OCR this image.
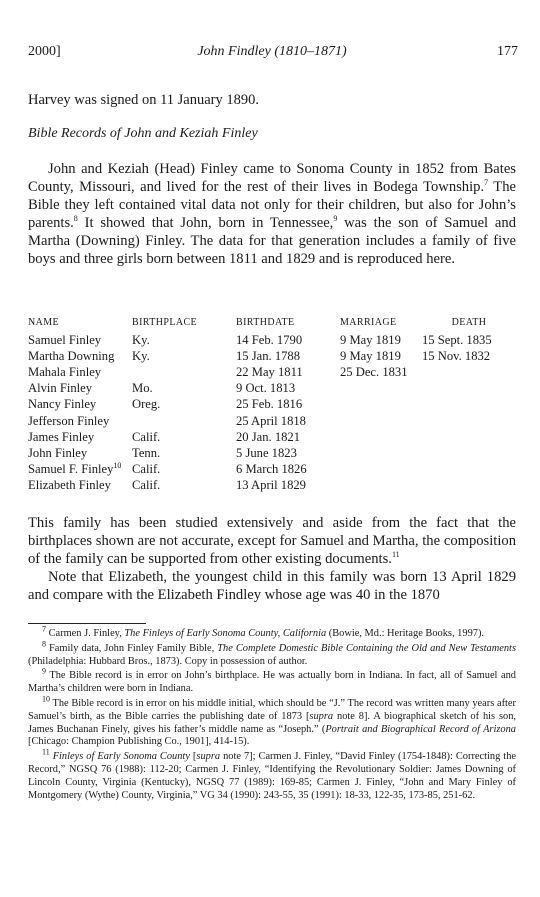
2000]	John Findley (1810–1871)	177
Harvey was signed on 11 January 1890.
Bible Records of John and Keziah Finley
John and Keziah (Head) Finley came to Sonoma County in 1852 from Bates County, Missouri, and lived for the rest of their lives in Bodega Township.$^7$ The Bible they left contained vital data not only for their children, but also for John’s parents.$^8$ It showed that John, born in Tennessee,$^9$ was the son of Samuel and Martha (Downing) Finley. The data for that generation includes a family of five boys and three girls born between 1811 and 1829 and is reproduced here.
NAME	BIRTHPLACE	BIRTHDATE	MARRIAGE	DEATH
Samuel Finley	Ky.	14 Feb. 1790	9 May 1819	15 Sept. 1835
Martha Downing	Ky.	15 Jan. 1788	9 May 1819	15 Nov. 1832
Mahala Finley		22 May 1811	25 Dec. 1831	
Alvin Finley	Mo.	9 Oct. 1813		
Nancy Finley	Oreg.	25 Feb. 1816		
Jefferson Finley		25 April 1818		
James Finley	Calif.	20 Jan. 1821		
John Finley	Tenn.	5 June 1823		
Samuel F. Finley$^{10}$	Calif.	6 March 1826		
Elizabeth Finley	Calif.	13 April 1829		
This family has been studied extensively and aside from the fact that the birthplaces shown are not accurate, except for Samuel and Martha, the composition of the family can be supported from other existing documents.$^{11}$
Note that Elizabeth, the youngest child in this family was born 13 April 1829 and compare with the Elizabeth Findley whose age was 40 in the 1870

$^7$ Carmen J. Finley, The Finleys of Early Sonoma County, California (Bowie, Md.: Heritage Books, 1997).

$^8$ Family data, John Finley Family Bible, The Complete Domestic Bible Containing the Old and New Testaments (Philadelphia: Hubbard Bros., 1873). Copy in possession of author.

$^9$ The Bible record is in error on John’s birthplace. He was actually born in Indiana. In fact, all of Samuel and Martha’s children were born in Indiana.

$^{10}$ The Bible record is in error on his middle initial, which should be “J.” The record was written many years after Samuel’s birth, as the Bible carries the publishing date of 1873 [supra note 8]. A biographical sketch of his son, James Buchanan Finely, gives his father’s middle name as “Joseph.” (Portrait and Biographical Record of Arizona [Chicago: Champion Publishing Co., 1901], 414-15).

$^{11}$ Finleys of Early Sonoma County [supra note 7]; Carmen J. Finley, “David Finley (1754-1848): Correcting the Record,” NGSQ 76 (1988): 112-20; Carmen J. Finley, “Identifying the Revolutionary Soldier: James Downing of Lincoln County, Virginia (Kentucky), NGSQ 77 (1989): 169-85; Carmen J. Finley, “John and Mary Finley of Montgomery (Wythe) County, Virginia,” VG 34 (1990): 243-55, 35 (1991): 18-33, 122-35, 173-85, 251-62.
